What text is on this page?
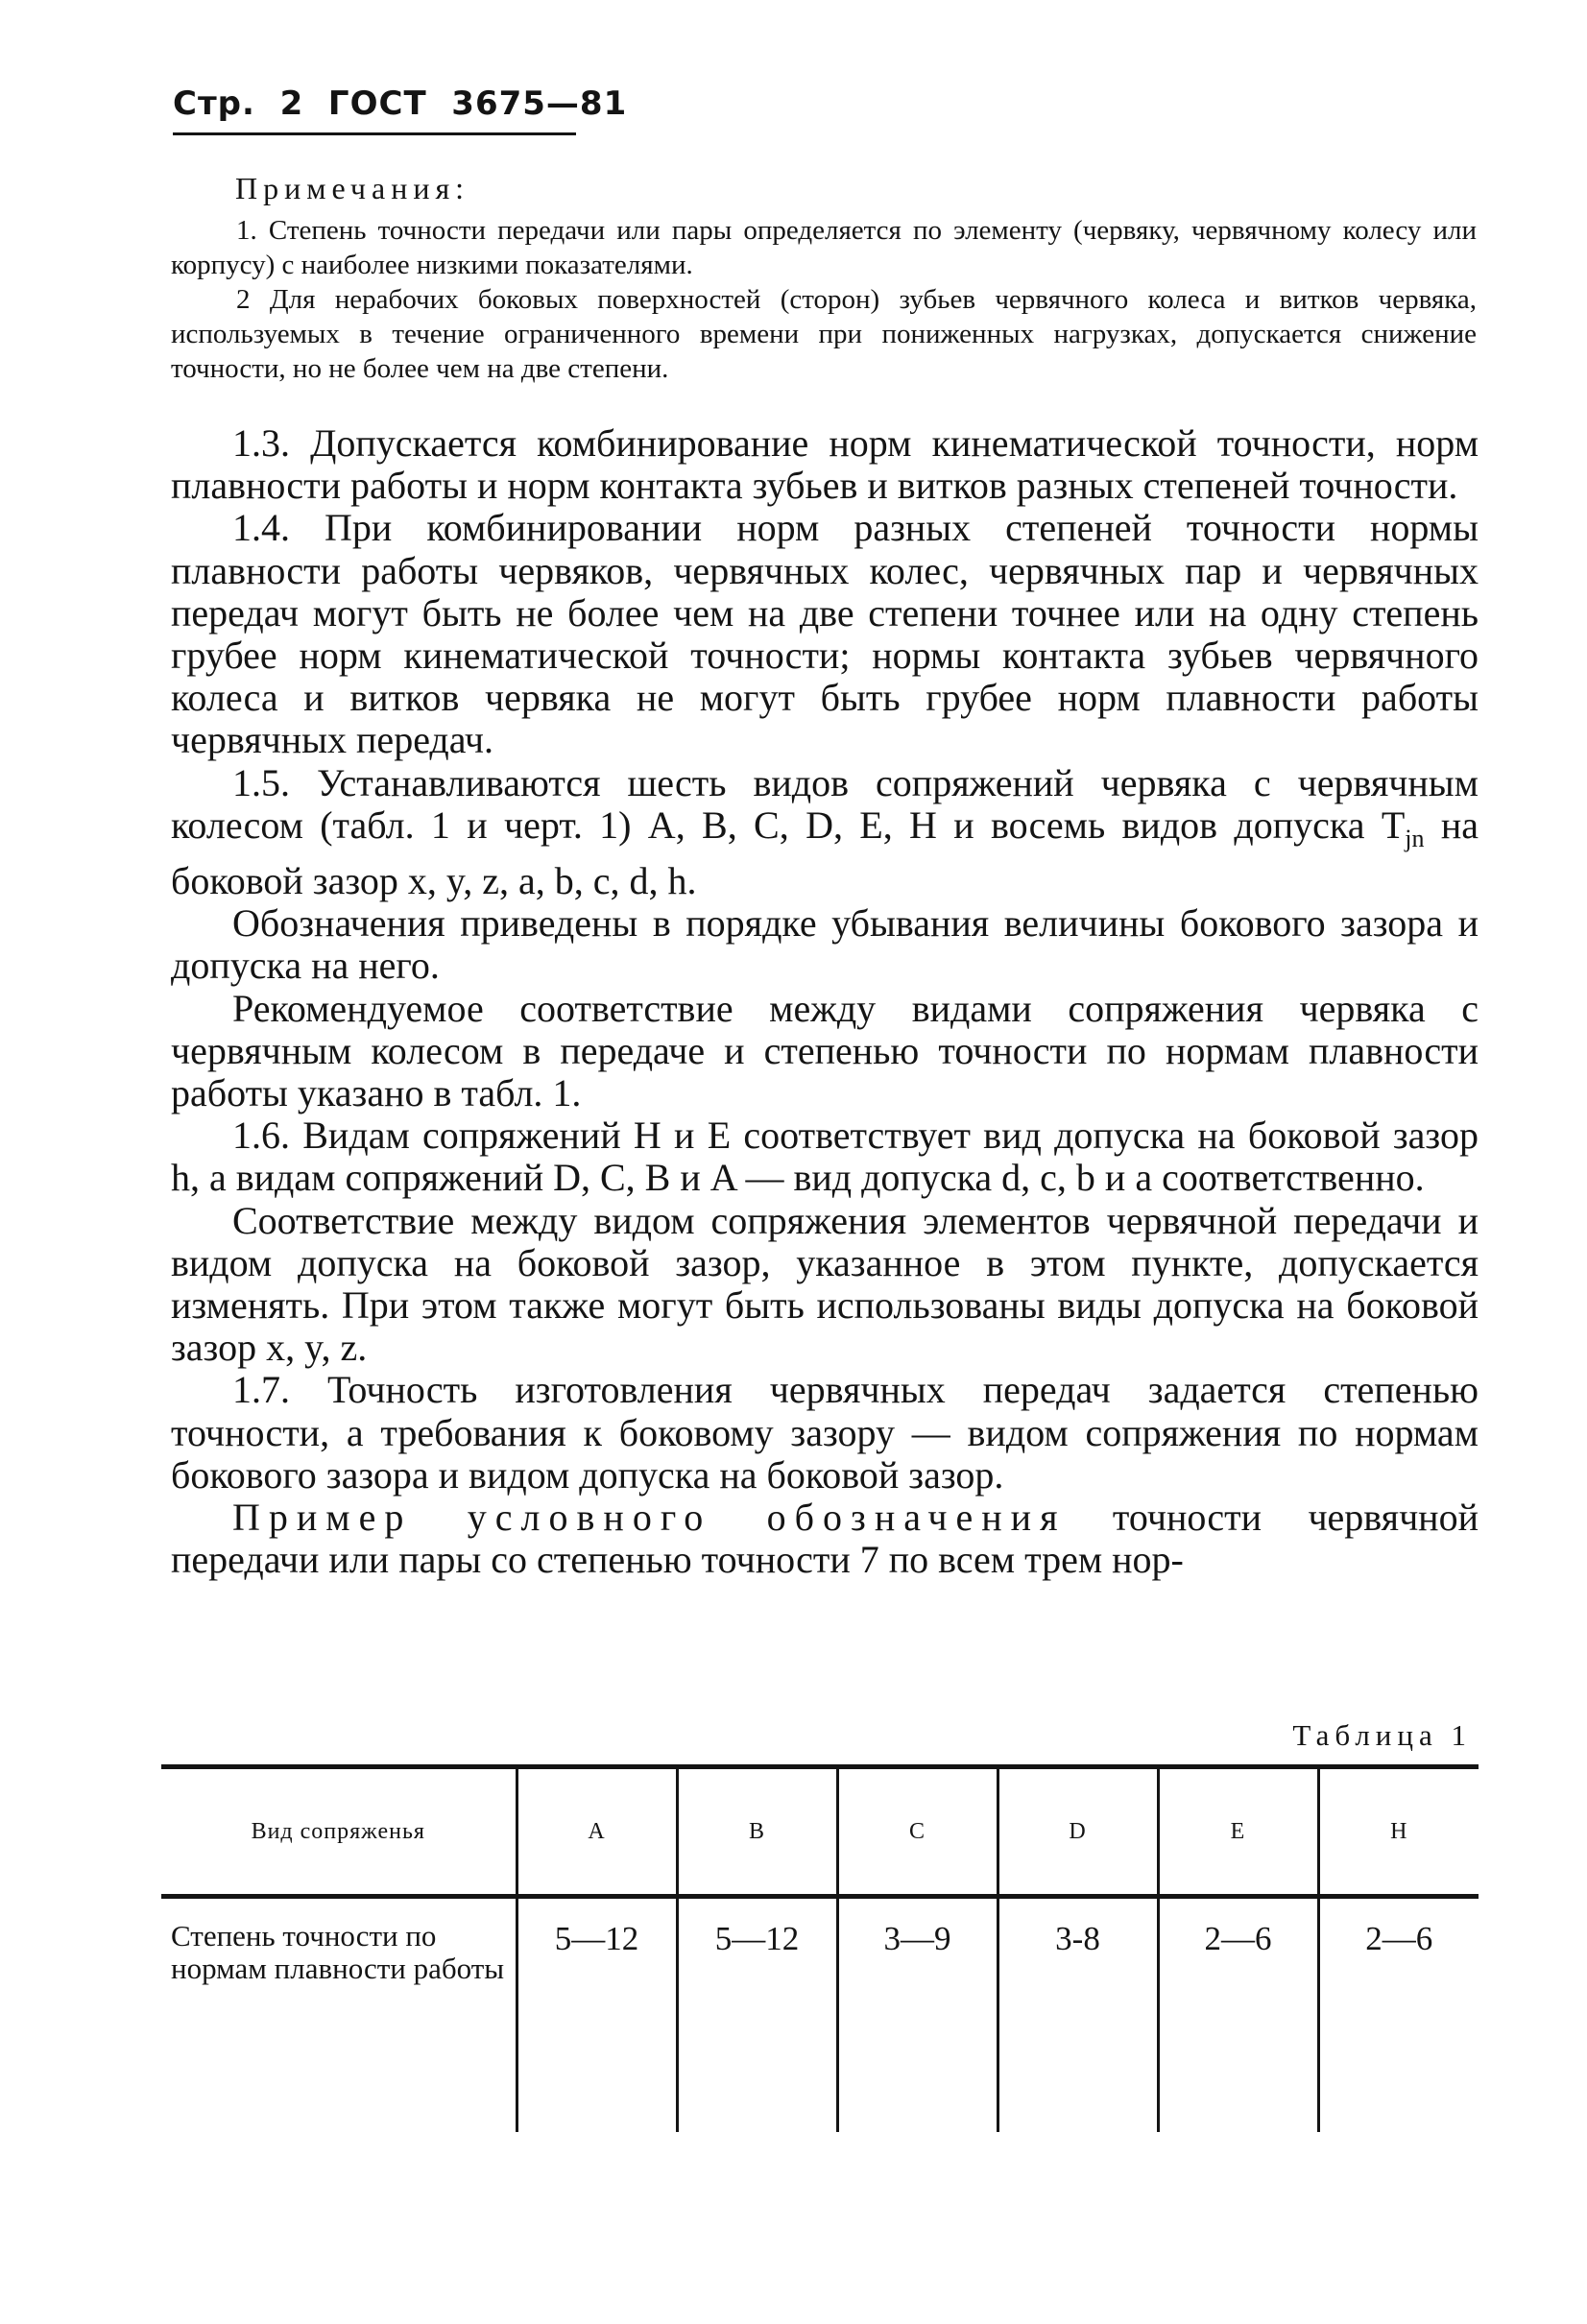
Стр.  2  ГОСТ  3675—81
Примечания:

1. Степень точности передачи или пары определяется по элементу (червяку, червячному колесу или корпусу) с наиболее низкими показателями.

2 Для нерабочих боковых поверхностей (сторон) зубьев червячного колеса и витков червяка, используемых в течение ограниченного времени при пониженных нагрузках, допускается снижение точности, но не более чем на две степени.

1.3. Допускается комбинирование норм кинематической точности, норм плавности работы и норм контакта зубьев и витков разных степеней точности.

1.4. При комбинировании норм разных степеней точности нормы плавности работы червяков, червячных колес, червячных пар и червячных передач могут быть не более чем на две степени точнее или на одну степень грубее норм кинематической точности; нормы контакта зубьев червячного колеса и витков червяка не могут быть грубее норм плавности работы червячных передач.

1.5. Устанавливаются шесть видов сопряжений червяка с червячным колесом (табл. 1 и черт. 1) A, B, C, D, E, H и восемь видов допуска $T_{jn}$ на боковой зазор x, y, z, a, b, c, d, h.

Обозначения приведены в порядке убывания величины бокового зазора и допуска на него.

Рекомендуемое соответствие между видами сопряжения червяка с червячным колесом в передаче и степенью точности по нормам плавности работы указано в табл. 1.

1.6. Видам сопряжений H и E соответствует вид допуска на боковой зазор h, а видам сопряжений D, C, B и A — вид допуска d, c, b и a соответственно.

Соответствие между видом сопряжения элементов червячной передачи и видом допуска на боковой зазор, указанное в этом пункте, допускается изменять. При этом также могут быть использованы виды допуска на боковой зазор x, y, z.

1.7. Точность изготовления червячных передач задается степенью точности, а требования к боковому зазору — видом сопряжения по нормам бокового зазора и видом допуска на боковой зазор.

Пример условного обозначения точности червячной передачи или пары со степенью точности 7 по всем трем нор-

Таблица 1
Вид сопряженья	A	B	C	D	E	H
Степень точности по нормам плавности работы	5—12	5—12	3—9	3-8	2—6	2—6
